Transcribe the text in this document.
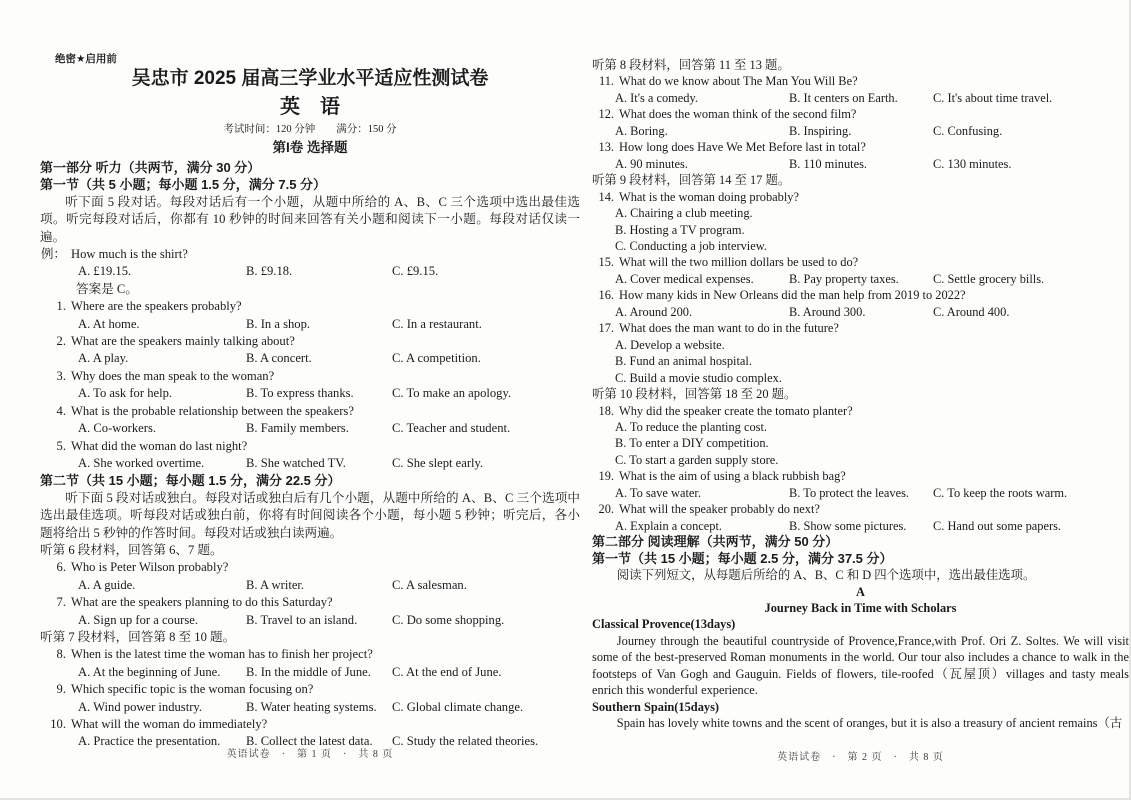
绝密★启用前
吴忠市 2025 届高三学业水平适应性测试卷
英　语
考试时间：120 分钟　　满分：150 分
第I卷 选择题
第一部分 听力（共两节，满分 30 分）
第一节（共 5 小题；每小题 1.5 分，满分 7.5 分）
听下面 5 段对话。每段对话后有一个小题，从题中所给的 A、B、C 三个选项中选出最佳选项。听完每段对话后，你都有 10 秒钟的时间来回答有关小题和阅读下一小题。每段对话仅读一遍。
例： How much is the shirt?
A. £19.15.	B. £9.18.	C. £9.15.
答案是 C。
1. Where are the speakers probably?
A. At home.	B. In a shop.	C. In a restaurant.
2. What are the speakers mainly talking about?
A. A play.	B. A concert.	C. A competition.
3. Why does the man speak to the woman?
A. To ask for help.	B. To express thanks.	C. To make an apology.
4. What is the probable relationship between the speakers?
A. Co-workers.	B. Family members.	C. Teacher and student.
5. What did the woman do last night?
A. She worked overtime.	B. She watched TV.	C. She slept early.
第二节（共 15 小题；每小题 1.5 分，满分 22.5 分）
听下面 5 段对话或独白。每段对话或独白后有几个小题，从题中所给的 A、B、C 三个选项中选出最佳选项。听每段对话或独白前，你将有时间阅读各个小题，每小题 5 秒钟；听完后，各小题将给出 5 秒钟的作答时间。每段对话或独白读两遍。
听第 6 段材料，回答第 6、7 题。
6. Who is Peter Wilson probably?
A. A guide.	B. A writer.	C. A salesman.
7. What are the speakers planning to do this Saturday?
A. Sign up for a course.	B. Travel to an island.	C. Do some shopping.
听第 7 段材料，回答第 8 至 10 题。
8. When is the latest time the woman has to finish her project?
A. At the beginning of June.	B. In the middle of June.	C. At the end of June.
9. Which specific topic is the woman focusing on?
A. Wind power industry.	B. Water heating systems.	C. Global climate change.
10. What will the woman do immediately?
A. Practice the presentation.	B. Collect the latest data.	C. Study the related theories.
听第 8 段材料，回答第 11 至 13 题。
11. What do we know about The Man You Will Be?
A. It's a comedy.	B. It centers on Earth.	C. It's about time travel.
12. What does the woman think of the second film?
A. Boring.	B. Inspiring.	C. Confusing.
13. How long does Have We Met Before last in total?
A. 90 minutes.	B. 110 minutes.	C. 130 minutes.
听第 9 段材料，回答第 14 至 17 题。
14. What is the woman doing probably?
A. Chairing a club meeting.
B. Hosting a TV program.
C. Conducting a job interview.
15. What will the two million dollars be used to do?
A. Cover medical expenses.	B. Pay property taxes.	C. Settle grocery bills.
16. How many kids in New Orleans did the man help from 2019 to 2022?
A. Around 200.	B. Around 300.	C. Around 400.
17. What does the man want to do in the future?
A. Develop a website.
B. Fund an animal hospital.
C. Build a movie studio complex.
听第 10 段材料，回答第 18 至 20 题。
18. Why did the speaker create the tomato planter?
A. To reduce the planting cost.
B. To enter a DIY competition.
C. To start a garden supply store.
19. What is the aim of using a black rubbish bag?
A. To save water.	B. To protect the leaves.	C. To keep the roots warm.
20. What will the speaker probably do next?
A. Explain a concept.	B. Show some pictures.	C. Hand out some papers.
第二部分 阅读理解（共两节，满分 50 分）
第一节（共 15 小题；每小题 2.5 分，满分 37.5 分）
阅读下列短文，从每题后所给的 A、B、C 和 D 四个选项中，选出最佳选项。
A
Journey Back in Time with Scholars
Classical Provence(13days)
Journey through the beautiful countryside of Provence,France,with Prof. Ori Z. Soltes. We will visit some of the best-preserved Roman monuments in the world. Our tour also includes a chance to walk in the footsteps of Van Gogh and Gauguin. Fields of flowers, tile-roofed（瓦屋顶）villages and tasty meals enrich this wonderful experience.
Southern Spain(15days)
Spain has lovely white towns and the scent of oranges, but it is also a treasury of ancient remains（古
英语试卷　·　第 1 页　·　共 8 页	英语试卷　·　第 2 页　·　共 8 页
